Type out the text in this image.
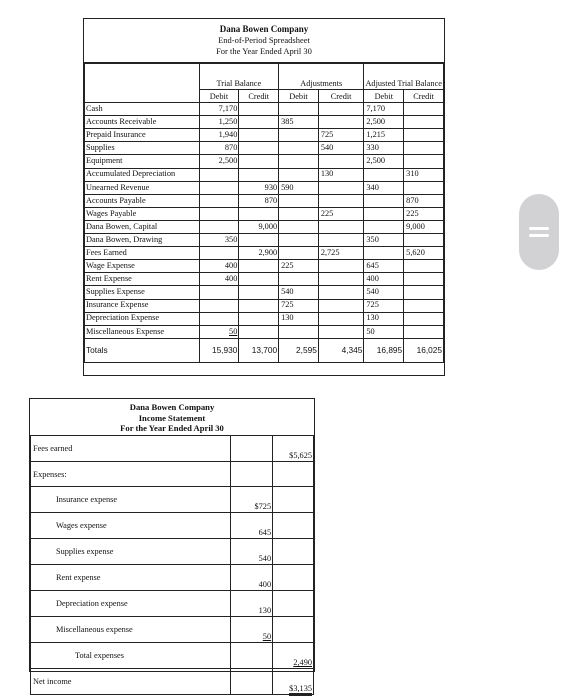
Dana Bowen Company
End-of-Period Spreadsheet
For the Year Ended April 30
	Trial Balance		Adjustments		Adjusted Trial Balance	
	Debit	Credit	Debit	Credit	Debit	Credit
Cash	7,170				7,170	
Accounts Receivable	1,250		385		2,500	
Prepaid Insurance	1,940			725	1,215	
Supplies	870			540	330	
Equipment	2,500				2,500	
Accumulated Depreciation				130		310
Unearned Revenue		930	590		340	
Accounts Payable		870				870
Wages Payable				225		225
Dana Bowen, Capital		9,000				9,000
Dana Bowen, Drawing	350				350	
Fees Earned		2,900		2,725		5,620
Wage Expense	400		225		645	
Rent Expense	400				400	
Supplies Expense			540		540	
Insurance Expense			725		725	
Depreciation Expense			130		130	
Miscellaneous Expense	50				50	
Totals	15,930	13,700	2,595	4,345	16,895	16,025
Dana Bowen Company
Income Statement
For the Year Ended April 30
Fees earned		$5,625
Expenses:		
Insurance expense	$725	
Wages expense	645	
Supplies expense	540	
Rent expense	400	
Depreciation expense	130	
Miscellaneous expense	50	
Total expenses		2,490
Net income		$3,135
